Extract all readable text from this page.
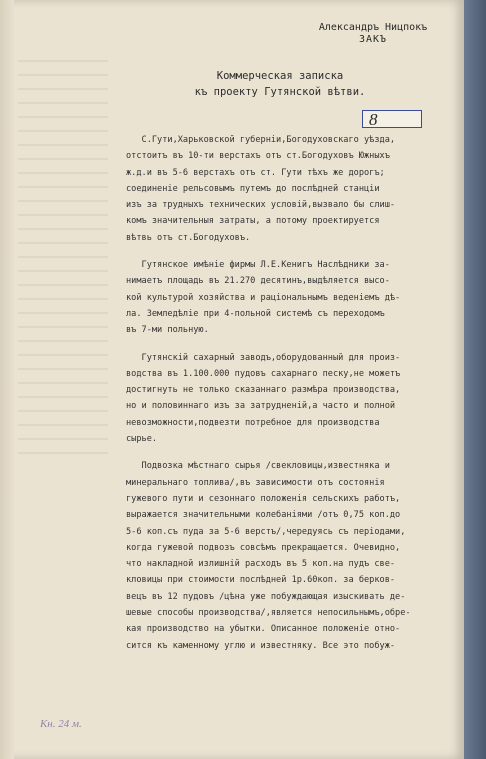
Александръ Ницпокъ
ЗАКЪ
Коммерческая записка
къ проекту Гутянской вѣтви.
8

С.Гути,Харьковской губерніи,Богодуховскаго уѣзда,
отстоитъ въ 10-ти верстахъ отъ ст.Богодуховъ Южныхъ
ж.д.и въ 5-6 верстахъ отъ ст. Гути тѣхъ же дорогъ;
соединеніе рельсовымъ путемъ до послѣдней станціи
изъ за трудныхъ технических условій,вызвало бы слиш-
комъ значительныя затраты, а потому проектируется
вѣтвь отъ ст.Богодуховъ.

Гутянское имѣніе фирмы Л.Е.Кенигъ Наслѣдники за-
нимаетъ площадь въ 21.270 десятинъ,выдѣляется высо-
кой культурой хозяйства и раціональнымъ веденіемъ дѣ-
ла. Земледѣліе при 4-польной системѣ съ переходомъ
въ 7-ми польную.

Гутянскій сахарный заводъ,оборудованный для произ-
водства въ 1.100.000 пудовъ сахарнаго песку,не можетъ
достигнуть не только сказаннаго размѣра производства,
но и половиннаго изъ за затрудненій,а часто и полной
невозможности,подвезти потребное для производства
сырье.

Подвозка мѣстнаго сырья /свекловицы,известняка и
минеральнаго топлива/,въ зависимости отъ состоянія
гужевого пути и сезоннаго положенія сельскихъ работъ,
выражается значительными колебаніями /отъ 0,75 коп.до
5-6 коп.съ пуда за 5-6 верстъ/,чередуясь съ періодами,
когда гужевой подвозъ совсѣмъ прекращается. Очевидно,
что накладной излишній расходъ въ 5 коп.на пудъ све-
кловицы при стоимости послѣдней 1р.60коп. за берков-
вецъ въ 12 пудовъ /цѣна уже побуждающая изыскивать де-
шевые способы производства/,является непосильнымъ,обре-
кая производство на убытки. Описанное положеніе отно-
сится къ каменному углю и известняку. Все это побуж-

Кн. 24 м.
